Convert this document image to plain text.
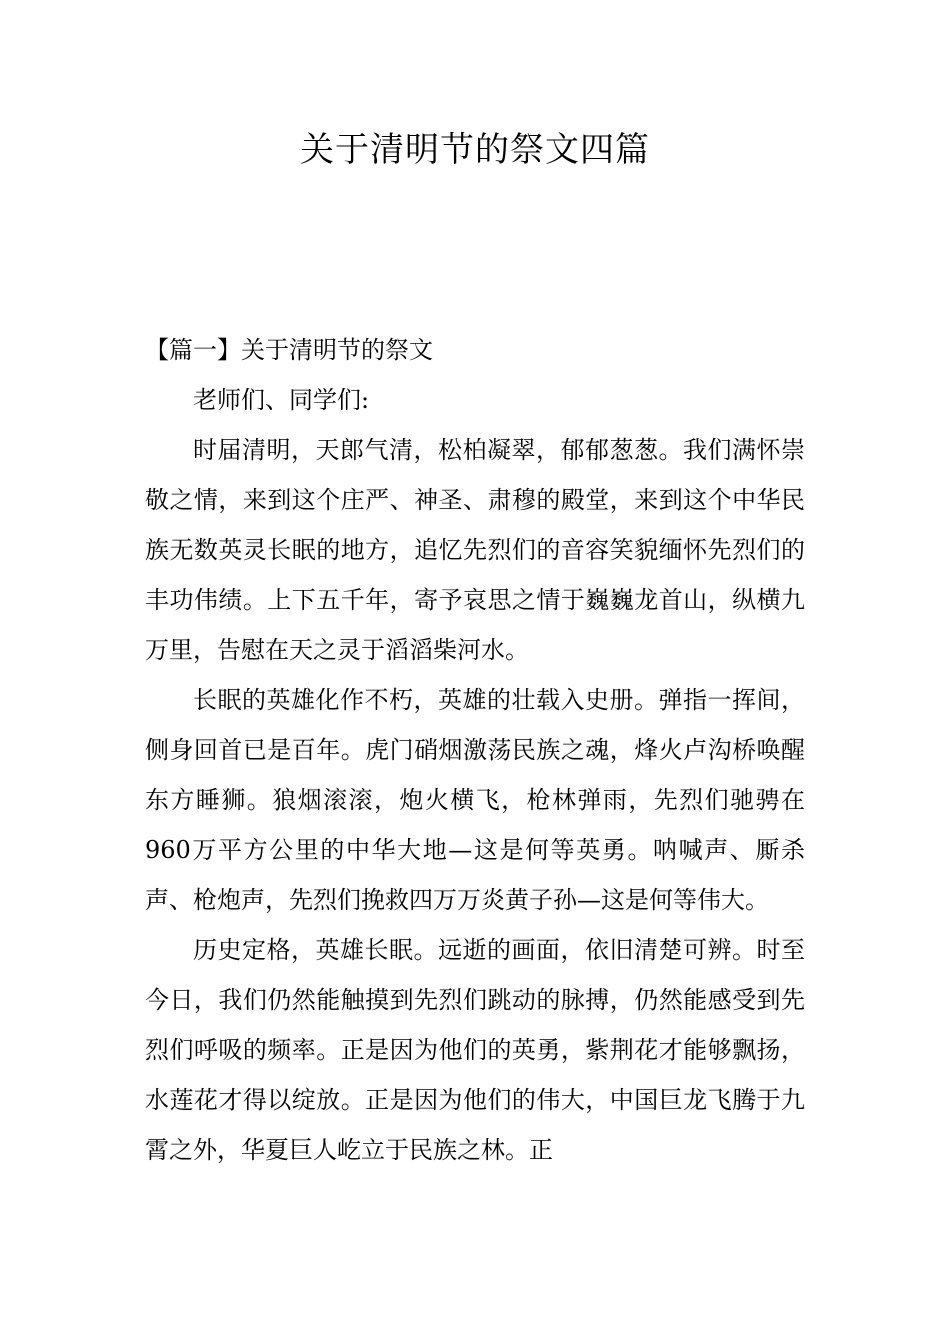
关于清明节的祭文四篇
【篇一】关于清明节的祭文

老师们、同学们:

时届清明，天郎气清，松柏凝翠，郁郁葱葱。我们满怀崇敬之情，来到这个庄严、神圣、肃穆的殿堂，来到这个中华民族无数英灵长眠的地方，追忆先烈们的音容笑貌缅怀先烈们的丰功伟绩。上下五千年，寄予哀思之情于巍巍龙首山，纵横九万里，告慰在天之灵于滔滔柴河水。

长眠的英雄化作不朽，英雄的壮载入史册。弹指一挥间，侧身回首已是百年。虎门硝烟激荡民族之魂，烽火卢沟桥唤醒东方睡狮。狼烟滚滚，炮火横飞，枪林弹雨，先烈们驰骋在960万平方公里的中华大地—这是何等英勇。呐喊声、厮杀声、枪炮声，先烈们挽救四万万炎黄子孙—这是何等伟大。

历史定格，英雄长眠。远逝的画面，依旧清楚可辨。时至今日，我们仍然能触摸到先烈们跳动的脉搏，仍然能感受到先烈们呼吸的频率。正是因为他们的英勇，紫荆花才能够飘扬，水莲花才得以绽放。正是因为他们的伟大，中国巨龙飞腾于九霄之外，华夏巨人屹立于民族之林。正
